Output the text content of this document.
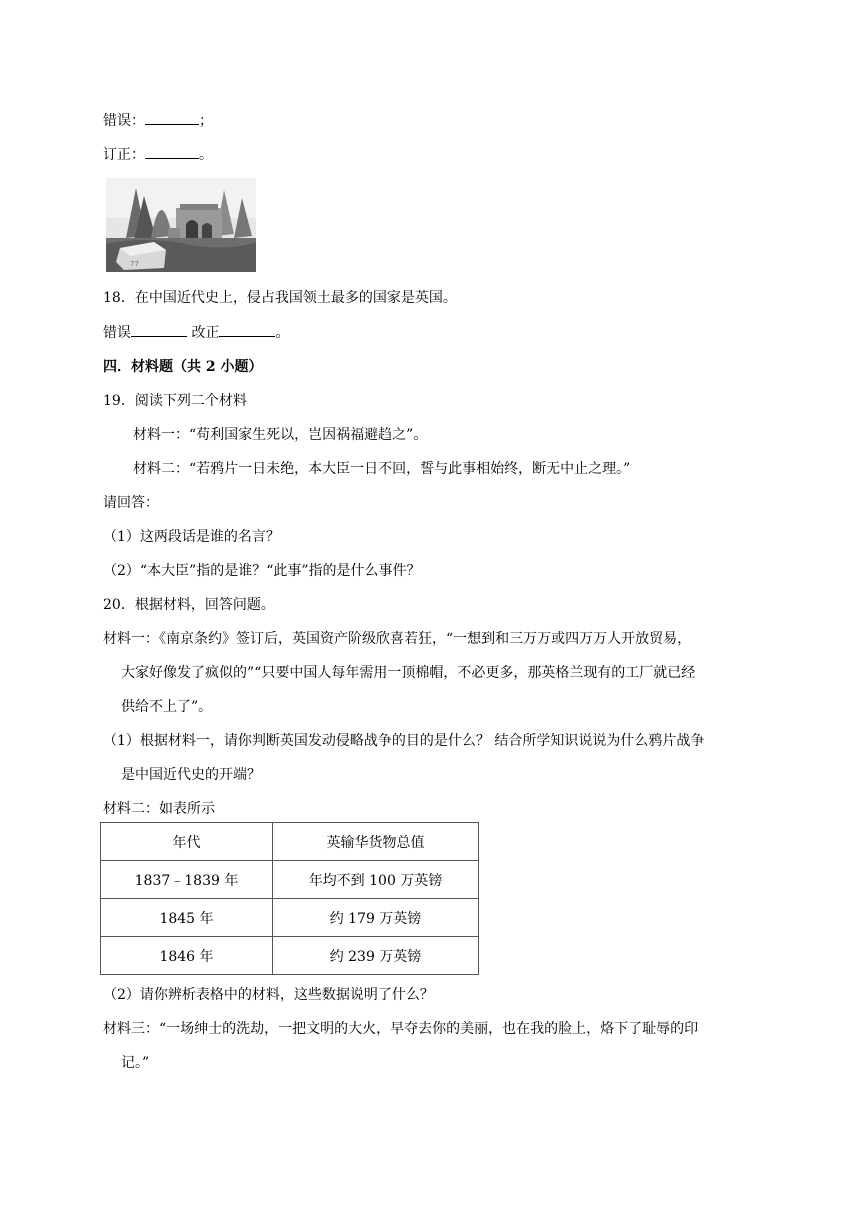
错误：	；
订正：	。
77
18．在中国近代史上，侵占我国领土最多的国家是英国。
错误	改正	。
四．材料题（共 2 小题）
19．阅读下列二个材料
材料一：“苟利国家生死以，岂因祸福避趋之”。
材料二：“若鸦片一日未绝，本大臣一日不回，誓与此事相始终，断无中止之理。”
请回答：
（1）这两段话是谁的名言？
（2）“本大臣”指的是谁？“此事”指的是什么事件？
20．根据材料，回答问题。
材料一：《南京条约》签订后，英国资产阶级欣喜若狂，“一想到和三万万或四万万人开放贸易，
大家好像发了疯似的”“只要中国人每年需用一顶棉帽，不必更多，那英格兰现有的工厂就已经
供给不上了”。
（1）根据材料一，请你判断英国发动侵略战争的目的是什么？ 结合所学知识说说为什么鸦片战争
是中国近代史的开端？
材料二：如表所示
年代	英输华货物总值
1837﹣1839 年	年均不到 100 万英镑
1845 年	约 179 万英镑
1846 年	约 239 万英镑
（2）请你辨析表格中的材料，这些数据说明了什么？
材料三：“一场绅士的洗劫，一把文明的大火，早夺去你的美丽，也在我的脸上，烙下了耻辱的印
记。”
